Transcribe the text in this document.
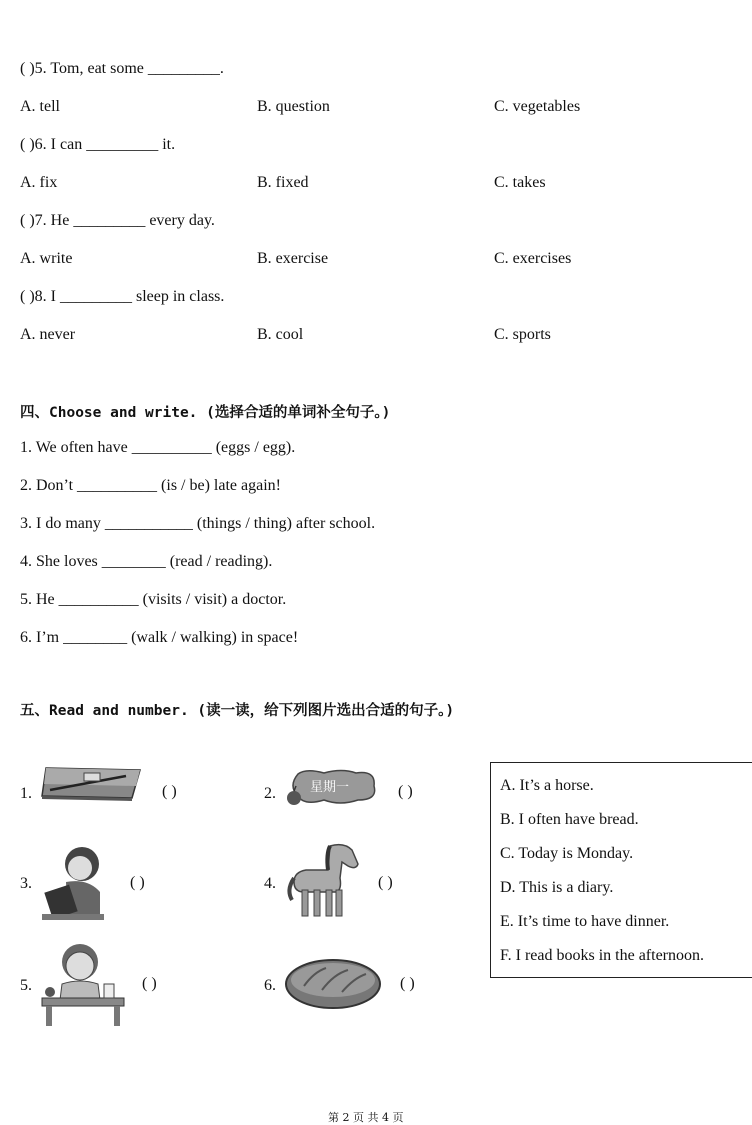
( )5. Tom, eat some _________.
A. tell	B. question	C. vegetables
( )6. I can _________ it.
A. fix	B. fixed	C. takes
( )7. He _________ every day.
A. write	B. exercise	C. exercises
( )8. I _________ sleep in class.
A. never	B. cool	C. sports
四、Choose and write. (选择合适的单词补全句子。)
1. We often have __________ (eggs / egg).
2. Don’t __________ (is / be) late again!
3. I do many ___________ (things / thing) after school.
4. She loves ________ (read / reading).
5. He __________ (visits / visit) a doctor.
6. I’m ________ (walk / walking) in space!
五、Read and number. (读一读，给下列图片选出合适的句子。)
1.	( )	2.	星期一	( )
3.	( )	4.	( )
5.	( )	6.	( )
A. It’s a horse.
B. I often have bread.
C. Today is Monday.
D. This is a diary.
E. It’s time to have dinner.
F. I read books in the afternoon.
第 2 页 共 4 页
